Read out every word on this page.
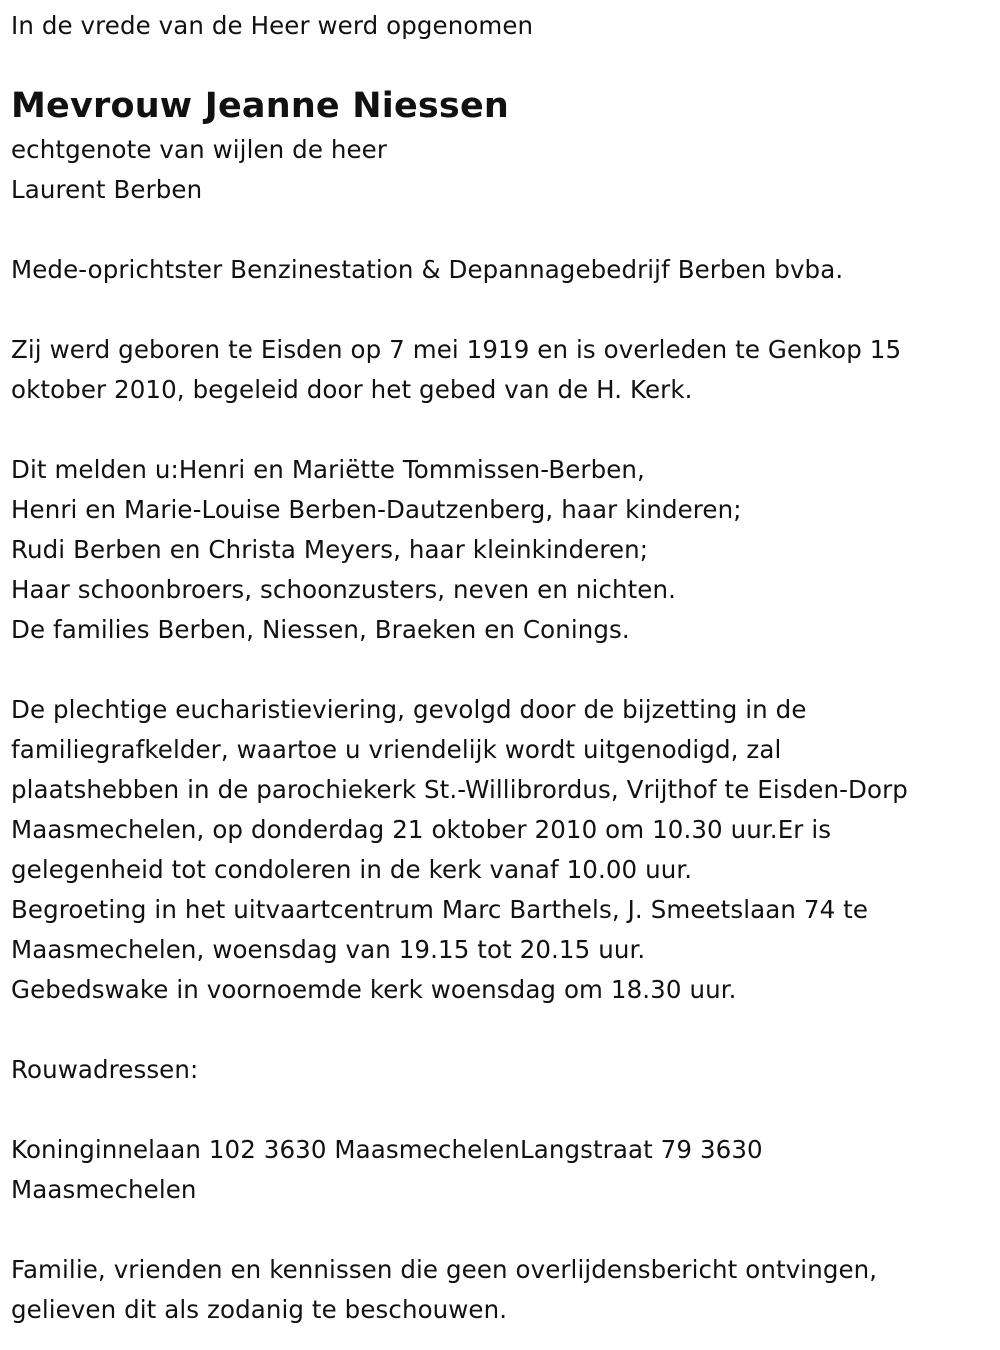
In de vrede van de Heer werd opgenomen
Mevrouw Jeanne Niessen
echtgenote van wijlen de heer
Laurent Berben
Mede-oprichtster Benzinestation & Depannagebedrijf Berben bvba.
Zij werd geboren te Eisden op 7 mei 1919 en is overleden te Genkop 15
oktober 2010, begeleid door het gebed van de H. Kerk.
Dit melden u:Henri en Mariëtte Tommissen-Berben,
Henri en Marie-Louise Berben-Dautzenberg, haar kinderen;
Rudi Berben en Christa Meyers, haar kleinkinderen;
Haar schoonbroers, schoonzusters, neven en nichten.
De families Berben, Niessen, Braeken en Conings.
De plechtige eucharistieviering, gevolgd door de bijzetting in de
familiegrafkelder, waartoe u vriendelijk wordt uitgenodigd, zal
plaatshebben in de parochiekerk St.-Willibrordus, Vrijthof te Eisden-Dorp
Maasmechelen, op donderdag 21 oktober 2010 om 10.30 uur.Er is
gelegenheid tot condoleren in de kerk vanaf 10.00 uur.
Begroeting in het uitvaartcentrum Marc Barthels, J. Smeetslaan 74 te
Maasmechelen, woensdag van 19.15 tot 20.15 uur.
Gebedswake in voornoemde kerk woensdag om 18.30 uur.
Rouwadressen:
Koninginnelaan 102 3630 MaasmechelenLangstraat 79 3630
Maasmechelen
Familie, vrienden en kennissen die geen overlijdensbericht ontvingen,
gelieven dit als zodanig te beschouwen.
